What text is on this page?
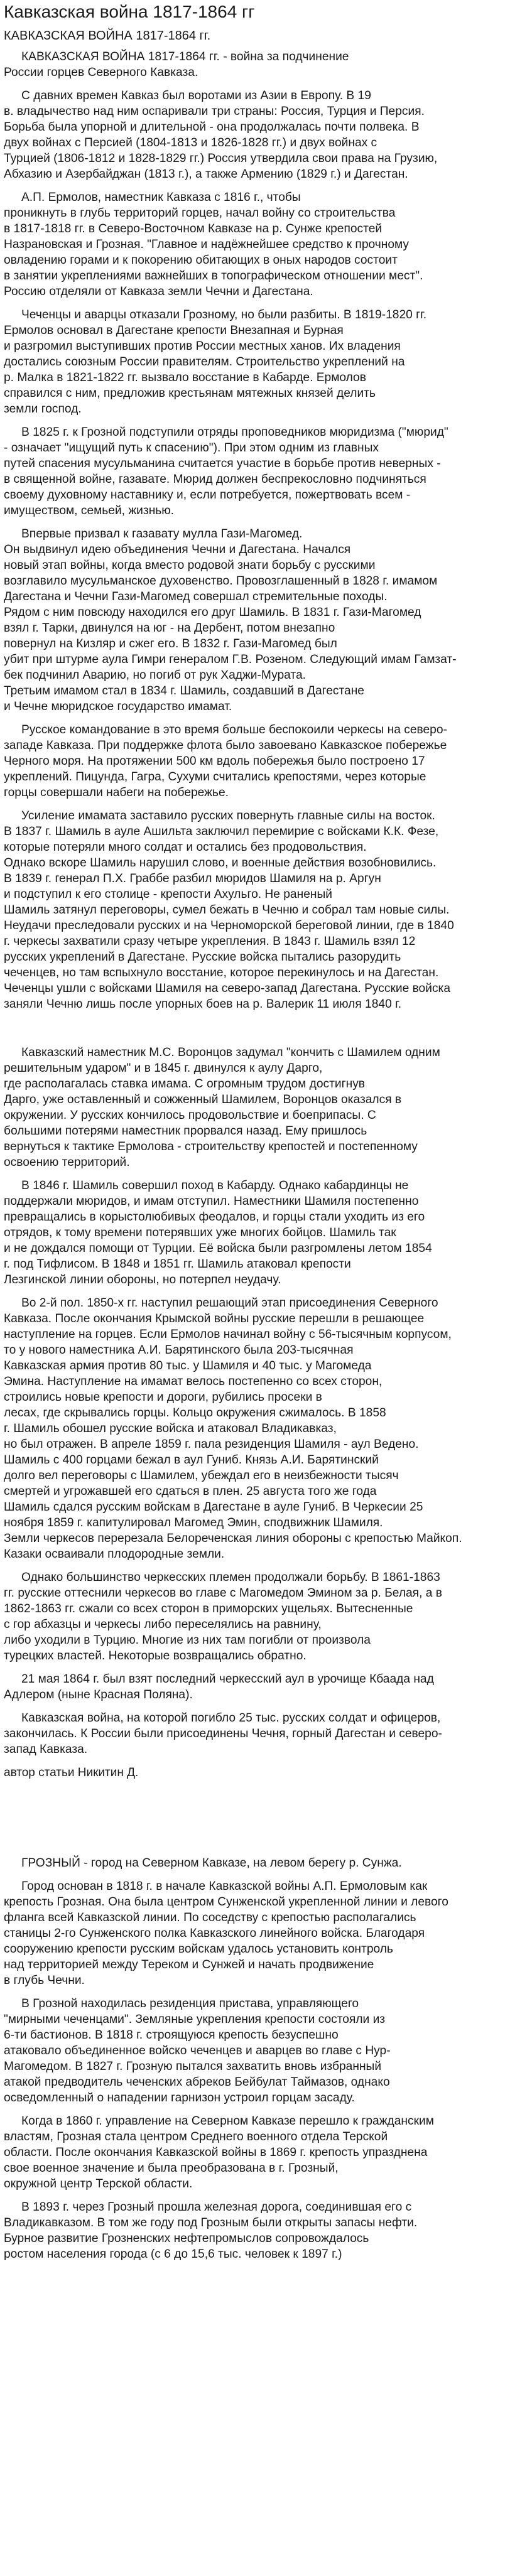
Кавказская война 1817-1864 гг
КАВКАЗСКАЯ ВОЙНА 1817-1864 гг.

КАВКАЗСКАЯ ВОЙНА 1817-1864 гг. - война за подчинение
России горцев Северного Кавказа.

С давних времен Кавказ был воротами из Азии в Европу. В 19
в. владычество над ним оспаривали три страны: Россия, Турция и Персия.
Борьба была упорной и длительной - она продолжалась почти полвека. В
двух войнах с Персией (1804-1813 и 1826-1828 гг.) и двух войнах с
Турцией (1806-1812 и 1828-1829 гг.) Россия утвердила свои права на Грузию,
Абхазию и Азербайджан (1813 г.), а также Армению (1829 г.) и Дагестан.

А.П. Ермолов, наместник Кавказа с 1816 г., чтобы
проникнуть в глубь территорий горцев, начал войну со строительства
в 1817-1818 гг. в Северо-Восточном Кавказе на р. Сунже крепостей
Назрановская и Грозная. "Главное и надёжнейшее средство к прочному
овладению горами и к покорению обитающих в оных народов состоит
в занятии укреплениями важнейших в топографическом отношении мест".
Россию отделяли от Кавказа земли Чечни и Дагестана.

Чеченцы и аварцы отказали Грозному, но были разбиты. В 1819-1820 гг.
Ермолов основал в Дагестане крепости Внезапная и Бурная
и разгромил выступивших против России местных ханов. Их владения
достались союзным России правителям. Строительство укреплений на
р. Малка в 1821-1822 гг. вызвало восстание в Кабарде. Ермолов
справился с ним, предложив крестьянам мятежных князей делить
земли господ.

В 1825 г. к Грозной подступили отряды проповедников мюридизма ("мюрид"
- означает "ищущий путь к спасению"). При этом одним из главных
путей спасения мусульманина считается участие в борьбе против неверных -
в священной войне, газавате. Мюрид должен беспрекословно подчиняться
своему духовному наставнику и, если потребуется, пожертвовать всем -
имуществом, семьей, жизнью.

Впервые призвал к газавату мулла Гази-Магомед.
Он выдвинул идею объединения Чечни и Дагестана. Начался
новый этап войны, когда вместо родовой знати борьбу с русскими
возглавило мусульманское духовенство. Провозглашенный в 1828 г. имамом
Дагестана и Чечни Гази-Магомед совершал стремительные походы.
Рядом с ним повсюду находился его друг Шамиль. В 1831 г. Гази-Магомед
взял г. Тарки, двинулся на юг - на Дербент, потом внезапно
повернул на Кизляр и сжег его. В 1832 г. Гази-Магомед был
убит при штурме аула Гимри генералом Г.В. Розеном. Следующий имам Гамзат-
бек подчинил Аварию, но погиб от рук Хаджи-Мурата.
Третьим имамом стал в 1834 г. Шамиль, создавший в Дагестане
и Чечне мюридское государство имамат.

Русское командование в это время больше беспокоили черкесы на северо-
западе Кавказа. При поддержке флота было завоевано Кавказское побережье
Черного моря. На протяжении 500 км вдоль побережья было построено 17
укреплений. Пицунда, Гагра, Сухуми считались крепостями, через которые
горцы совершали набеги на побережье.

Усиление имамата заставило русских повернуть главные силы на восток.
В 1837 г. Шамиль в ауле Ашильта заключил перемирие с войсками К.К. Фезе,
которые потеряли много солдат и остались без продовольствия.
Однако вскоре Шамиль нарушил слово, и военные действия возобновились.
В 1839 г. генерал П.Х. Граббе разбил мюридов Шамиля на р. Аргун
и подступил к его столице - крепости Ахульго. Не раненый
Шамиль затянул переговоры, сумел бежать в Чечню и собрал там новые силы.
Неудачи преследовали русских и на Черноморской береговой линии, где в 1840
г. черкесы захватили сразу четыре укрепления. В 1843 г. Шамиль взял 12
русских укреплений в Дагестане. Русские войска пытались разорудить
чеченцев, но там вспыхнуло восстание, которое перекинулось и на Дагестан.
Чеченцы ушли с войсками Шамиля на северо-запад Дагестана. Русские войска
заняли Чечню лишь после упорных боев на р. Валерик 11 июля 1840 г.

Кавказский наместник М.С. Воронцов задумал "кончить с Шамилем одним
решительным ударом" и в 1845 г. двинулся к аулу Дарго,
где располагалась ставка имама. С огромным трудом достигнув
Дарго, уже оставленный и сожженный Шамилем, Воронцов оказался в
окружении. У русских кончилось продовольствие и боеприпасы. С
большими потерями наместник прорвался назад. Ему пришлось
вернуться к тактике Ермолова - строительству крепостей и постепенному
освоению территорий.

В 1846 г. Шамиль совершил поход в Кабарду. Однако кабардинцы не
поддержали мюридов, и имам отступил. Наместники Шамиля постепенно
превращались в корыстолюбивых феодалов, и горцы стали уходить из его
отрядов, к тому времени потерявших уже многих бойцов. Шамиль так
и не дождался помощи от Турции. Её войска были разгромлены летом 1854
г. под Тифлисом. В 1848 и 1851 гг. Шамиль атаковал крепости
Лезгинской линии обороны, но потерпел неудачу.

Во 2-й пол. 1850-х гг. наступил решающий этап присоединения Северного
Кавказа. После окончания Крымской войны русские перешли в решающее
наступление на горцев. Если Ермолов начинал войну с 56-тысячным корпусом,
то у нового наместника А.И. Барятинского была 203-тысячная
Кавказская армия против 80 тыс. у Шамиля и 40 тыс. у Магомеда
Эмина. Наступление на имамат велось постепенно со всех сторон,
строились новые крепости и дороги, рубились просеки в
лесах, где скрывались горцы. Кольцо окружения сжималось. В 1858
г. Шамиль обошел русские войска и атаковал Владикавказ,
но был отражен. В апреле 1859 г. пала резиденция Шамиля - аул Ведено.
Шамиль с 400 горцами бежал в аул Гуниб. Князь А.И. Барятинский
долго вел переговоры с Шамилем, убеждал его в неизбежности тысяч
смертей и угрожавшей его сдаться в плен. 25 августа того же года
Шамиль сдался русским войскам в Дагестане в ауле Гуниб. В Черкесии 25
ноября 1859 г. капитулировал Магомед Эмин, сподвижник Шамиля.
Земли черкесов перерезала Белореченская линия обороны с крепостью Майкоп.
Казаки осваивали плодородные земли.

Однако большинство черкесских племен продолжали борьбу. В 1861-1863
гг. русские оттеснили черкесов во главе с Магомедом Эмином за р. Белая, а в
1862-1863 гг. сжали со всех сторон в приморских ущельях. Вытесненные
с гор абхазцы и черкесы либо переселялись на равнину,
либо уходили в Турцию. Многие из них там погибли от произвола
турецких властей. Некоторые возвращались обратно.

21 мая 1864 г. был взят последний черкесский аул в урочище Кбаада над
Адлером (ныне Красная Поляна).

Кавказская война, на которой погибло 25 тыс. русских солдат и офицеров,
закончилась. К России были присоединены Чечня, горный Дагестан и северо-
запад Кавказа.

автор статьи Никитин Д.

ГРОЗНЫЙ - город на Северном Кавказе, на левом берегу р. Сунжа.

Город основан в 1818 г. в начале Кавказской войны А.П. Ермоловым как
крепость Грозная. Она была центром Сунженской укрепленной линии и левого
фланга всей Кавказской линии. По соседству с крепостью располагались
станицы 2-го Сунженского полка Кавказского линейного войска. Благодаря
сооружению крепости русским войскам удалось установить контроль
над территорией между Тереком и Сунжей и начать продвижение
в глубь Чечни.

В Грозной находилась резиденция пристава, управляющего
"мирными чеченцами". Земляные укрепления крепости состояли из
6-ти бастионов. В 1818 г. строящуюся крепость безуспешно
атаковало объединенное войско чеченцев и аварцев во главе с Нур-
Магомедом. В 1827 г. Грозную пытался захватить вновь избранный
атакой предводитель чеченских абреков Бейбулат Таймазов, однако
осведомленный о нападении гарнизон устроил горцам засаду.

Когда в 1860 г. управление на Северном Кавказе перешло к гражданским
властям, Грозная стала центром Среднего военного отдела Терской
области. После окончания Кавказской войны в 1869 г. крепость упразднена
свое военное значение и была преобразована в г. Грозный,
окружной центр Терской области.

В 1893 г. через Грозный прошла железная дорога, соединившая его с
Владикавказом. В том же году под Грозным были открыты запасы нефти.
Бурное развитие Грозненских нефтепромыслов сопровождалось
ростом населения города (с 6 до 15,6 тыс. человек к 1897 г.)
